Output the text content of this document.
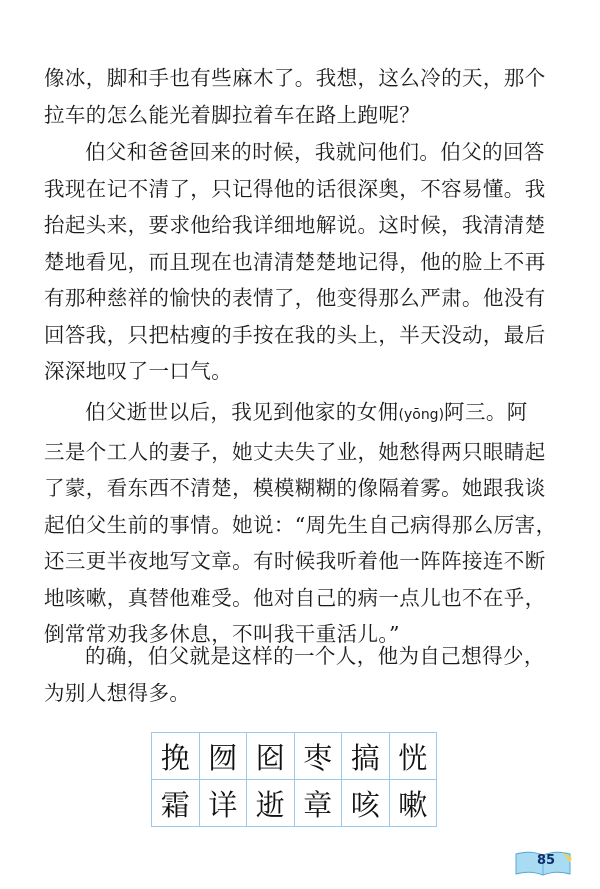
像冰，脚和手也有些麻木了。我想，这么冷的天，那个
拉车的怎么能光着脚拉着车在路上跑呢？

伯父和爸爸回来的时候，我就问他们。伯父的回答
我现在记不清了，只记得他的话很深奥，不容易懂。我
抬起头来，要求他给我详细地解说。这时候，我清清楚
楚地看见，而且现在也清清楚楚地记得，他的脸上不再
有那种慈祥的愉快的表情了，他变得那么严肃。他没有
回答我，只把枯瘦的手按在我的头上，半天没动，最后
深深地叹了一口气。

伯父逝世以后，我见到他家的女佣(yōng)阿三。阿
三是个工人的妻子，她丈夫失了业，她愁得两只眼睛起
了蒙，看东西不清楚，模模糊糊的像隔着雾。她跟我谈
起伯父生前的事情。她说：“周先生自己病得那么厉害，
还三更半夜地写文章。有时候我听着他一阵阵接连不断
地咳嗽，真替他难受。他对自己的病一点儿也不在乎，
倒常常劝我多休息，不叫我干重活儿。”

的确，伯父就是这样的一个人，他为自己想得少，
为别人想得多。

挽	囫	囵	枣	搞	恍
霜	详	逝	章	咳	嗽
85
